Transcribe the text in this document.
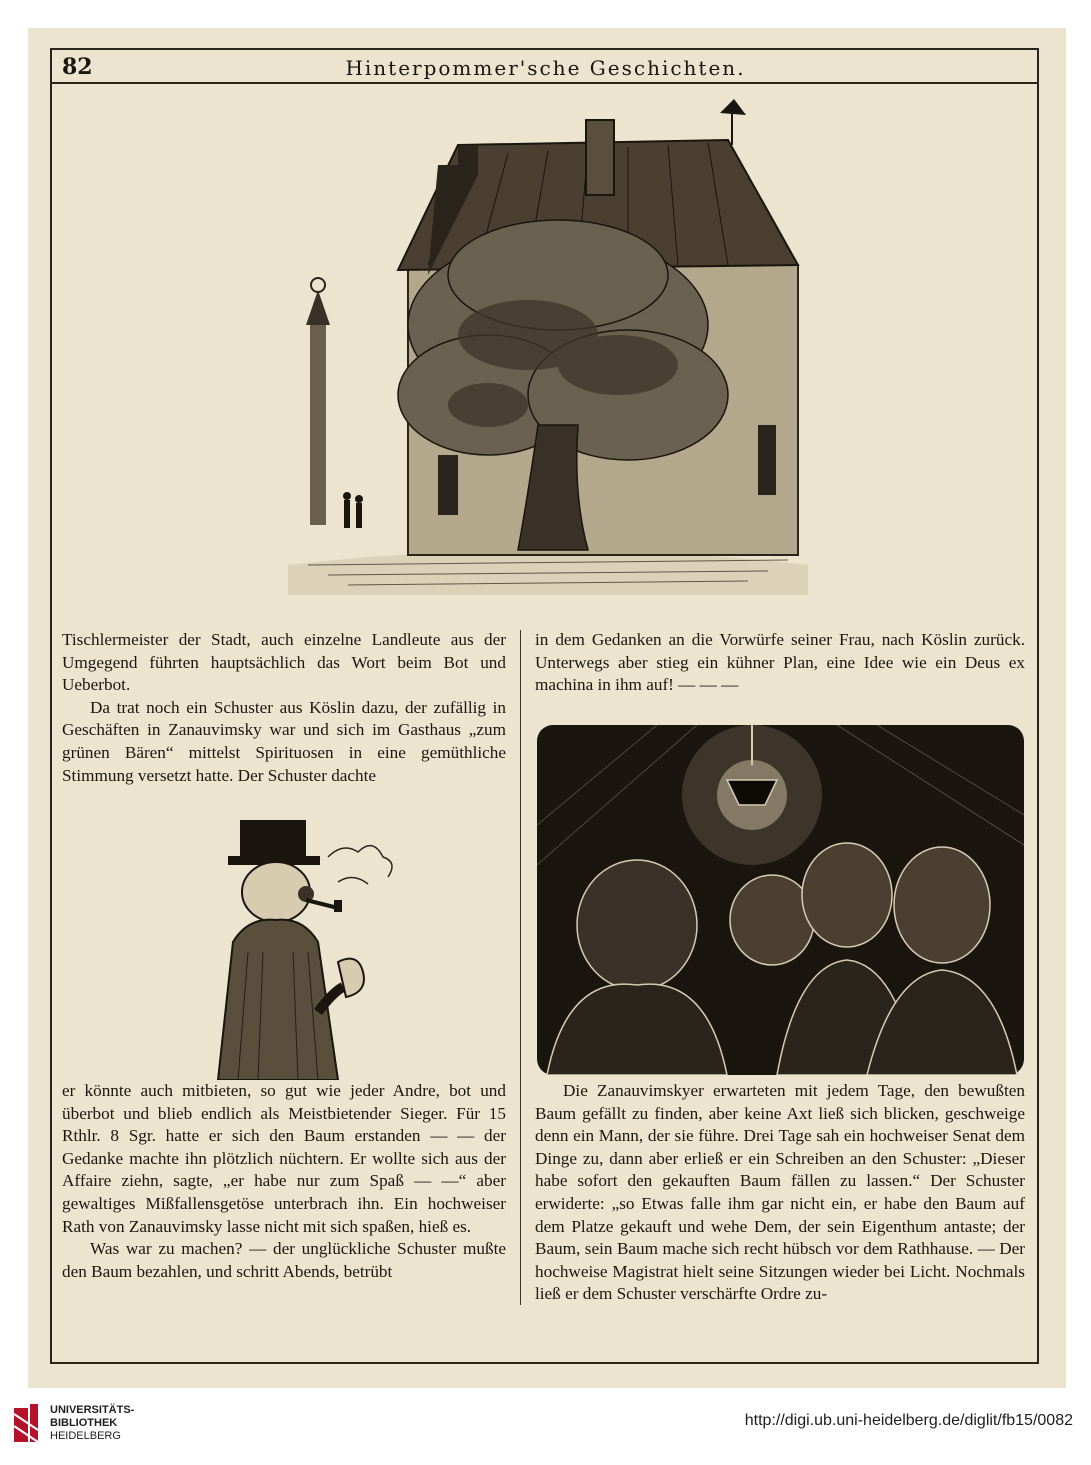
82	Hinterpommer'sche Geschichten.

Tischlermeister der Stadt, auch einzelne Landleute aus der Umgegend führten hauptsächlich das Wort beim Bot und Ueberbot.

Da trat noch ein Schuster aus Köslin dazu, der zufällig in Geschäften in Zanauvimsky war und sich im Gasthaus „zum grünen Bären“ mittelst Spirituosen in eine gemüthliche Stimmung versetzt hatte. Der Schuster dachte

er könnte auch mitbieten, so gut wie jeder Andre, bot und überbot und blieb endlich als Meistbietender Sieger. Für 15 Rthlr. 8 Sgr. hatte er sich den Baum erstanden — — der Gedanke machte ihn plötzlich nüchtern. Er wollte sich aus der Affaire ziehn, sagte, „er habe nur zum Spaß — —“ aber gewaltiges Mißfallensgetöse unterbrach ihn. Ein hochweiser Rath von Zanauvimsky lasse nicht mit sich spaßen, hieß es.

Was war zu machen? — der unglückliche Schuster mußte den Baum bezahlen, und schritt Abends, betrübt

in dem Gedanken an die Vorwürfe seiner Frau, nach Köslin zurück. Unterwegs aber stieg ein kühner Plan, eine Idee wie ein Deus ex machina in ihm auf! — — —

Die Zanauvimskyer erwarteten mit jedem Tage, den bewußten Baum gefällt zu finden, aber keine Axt ließ sich blicken, geschweige denn ein Mann, der sie führe. Drei Tage sah ein hochweiser Senat dem Dinge zu, dann aber erließ er ein Schreiben an den Schuster: „Dieser habe sofort den gekauften Baum fällen zu lassen.“ Der Schuster erwiderte: „so Etwas falle ihm gar nicht ein, er habe den Baum auf dem Platze gekauft und wehe Dem, der sein Eigenthum antaste; der Baum, sein Baum mache sich recht hübsch vor dem Rathhause. — Der hochweise Magistrat hielt seine Sitzungen wieder bei Licht. Nochmals ließ er dem Schuster verschärfte Ordre zu-

UNIVERSITÄTS-
BIBLIOTHEK
HEIDELBERG
http://digi.ub.uni-heidelberg.de/diglit/fb15/0082
